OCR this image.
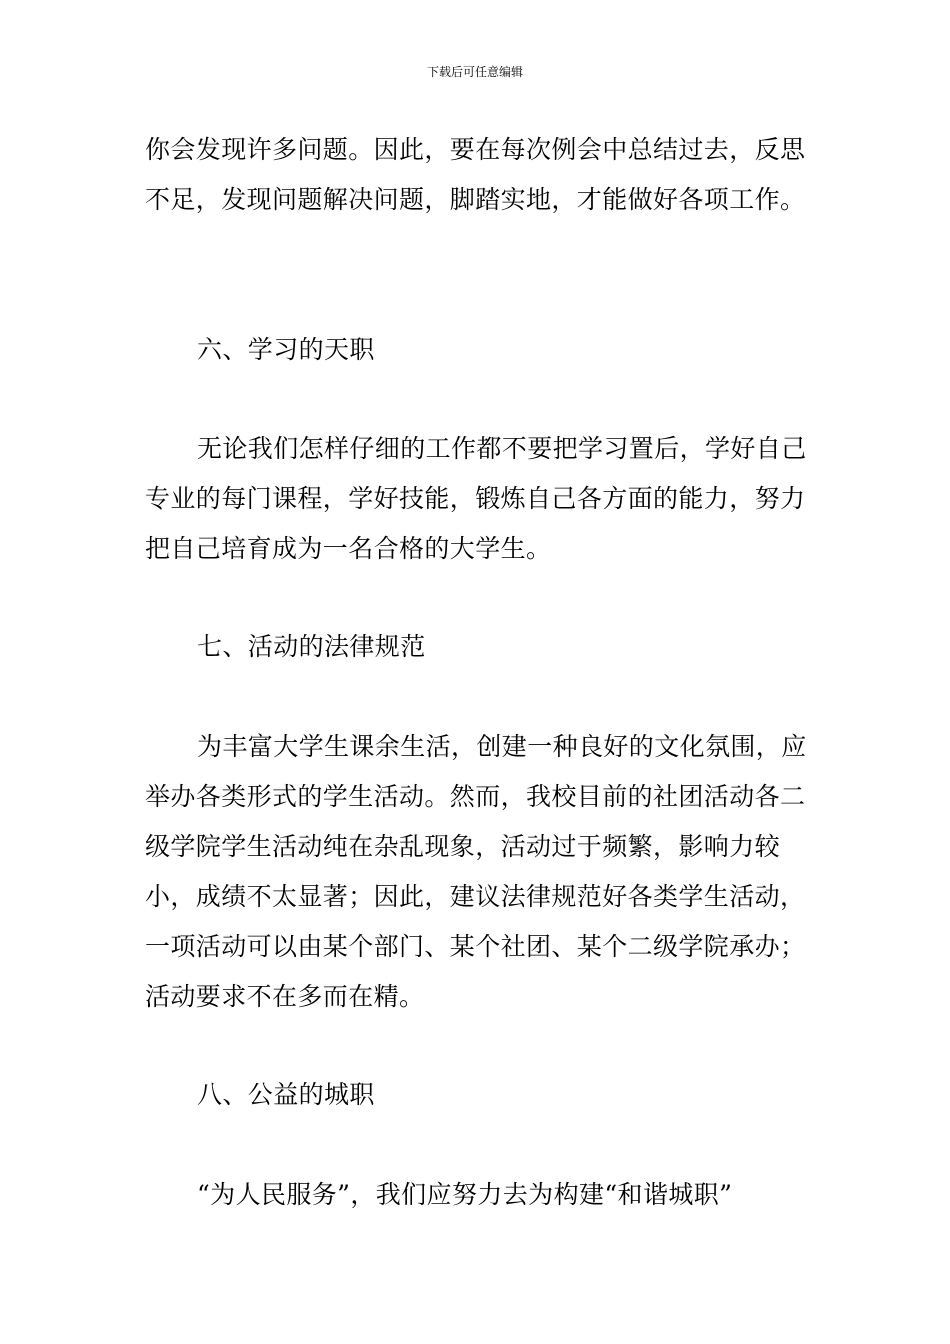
下载后可任意编辑

你会发现许多问题。因此，要在每次例会中总结过去，反思不足，发现问题解决问题，脚踏实地，才能做好各项工作。

六、学习的天职

无论我们怎样仔细的工作都不要把学习置后，学好自己专业的每门课程，学好技能，锻炼自己各方面的能力，努力把自己培育成为一名合格的大学生。

七、活动的法律规范

为丰富大学生课余生活，创建一种良好的文化氛围，应举办各类形式的学生活动。然而，我校目前的社团活动各二级学院学生活动纯在杂乱现象，活动过于频繁，影响力较小，成绩不太显著；因此，建议法律规范好各类学生活动，一项活动可以由某个部门、某个社团、某个二级学院承办；活动要求不在多而在精。

八、公益的城职

“为人民服务”，我们应努力去为构建“和谐城职”
